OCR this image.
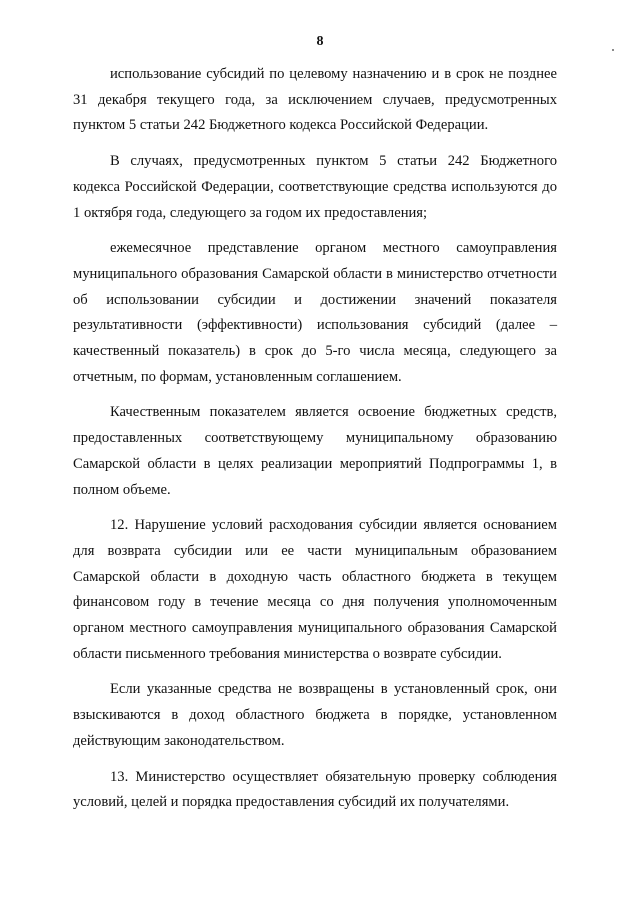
8

использование субсидий по целевому назначению и в срок не позднее 31 декабря текущего года, за исключением случаев, предусмотренных пунктом 5 статьи 242 Бюджетного кодекса Российской Федерации.

В случаях, предусмотренных пунктом 5 статьи 242 Бюджетного кодекса Российской Федерации, соответствующие средства используются до 1 октября года, следующего за годом их предоставления;

ежемесячное представление органом местного самоуправления муниципального образования Самарской области в министерство отчетности об использовании субсидии и достижении значений показателя результативности (эффективности) использования субсидий (далее – качественный показатель) в срок до 5-го числа месяца, следующего за отчетным, по формам, установленным соглашением.

Качественным показателем является освоение бюджетных средств, предоставленных соответствующему муниципальному образованию Самарской области в целях реализации мероприятий Подпрограммы 1, в полном объеме.

12. Нарушение условий расходования субсидии является основанием для возврата субсидии или ее части муниципальным образованием Самарской области в доходную часть областного бюджета в текущем финансовом году в течение месяца со дня получения уполномоченным органом местного самоуправления муниципального образования Самарской области письменного требования министерства о возврате субсидии.

Если указанные средства не возвращены в установленный срок, они взыскиваются в доход областного бюджета в порядке, установленном действующим законодательством.

13. Министерство осуществляет обязательную проверку соблюдения условий, целей и порядка предоставления субсидий их получателями.
